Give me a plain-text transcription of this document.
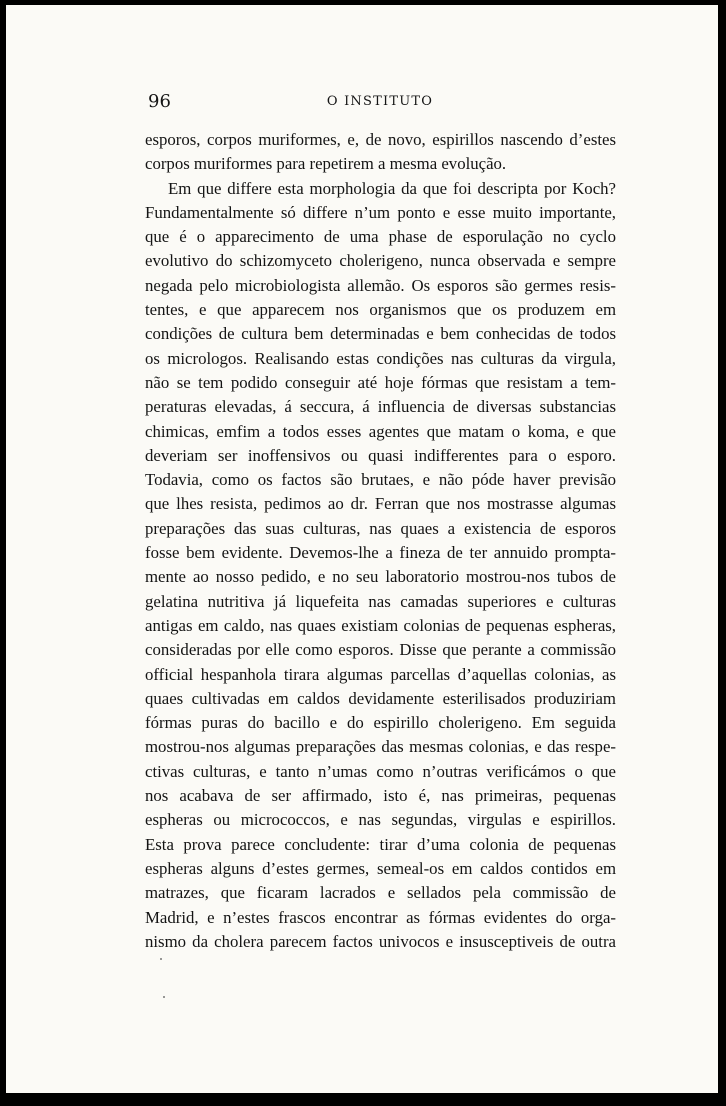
96	O INSTITUTO
esporos, corpos muriformes, e, de novo, espirillos nascendo d’estes
corpos muriformes para repetirem a mesma evolução.
Em que differe esta morphologia da que foi descripta por Koch?
Fundamentalmente só differe n’um ponto e esse muito importante,
que é o apparecimento de uma phase de esporulação no cyclo
evolutivo do schizomyceto cholerigeno, nunca observada e sempre
negada pelo microbiologista allemão. Os esporos são germes resis-
tentes, e que apparecem nos organismos que os produzem em
condições de cultura bem determinadas e bem conhecidas de todos
os micrologos. Realisando estas condições nas culturas da virgula,
não se tem podido conseguir até hoje fórmas que resistam a tem-
peraturas elevadas, á seccura, á influencia de diversas substancias
chimicas, emfim a todos esses agentes que matam o koma, e que
deveriam ser inoffensivos ou quasi indifferentes para o esporo.
Todavia, como os factos são brutaes, e não póde haver previsão
que lhes resista, pedimos ao dr. Ferran que nos mostrasse algumas
preparações das suas culturas, nas quaes a existencia de esporos
fosse bem evidente. Devemos-lhe a fineza de ter annuido prompta-
mente ao nosso pedido, e no seu laboratorio mostrou-nos tubos de
gelatina nutritiva já liquefeita nas camadas superiores e culturas
antigas em caldo, nas quaes existiam colonias de pequenas espheras,
consideradas por elle como esporos. Disse que perante a commissão
official hespanhola tirara algumas parcellas d’aquellas colonias, as
quaes cultivadas em caldos devidamente esterilisados produziriam
fórmas puras do bacillo e do espirillo cholerigeno. Em seguida
mostrou-nos algumas preparações das mesmas colonias, e das respe-
ctivas culturas, e tanto n’umas como n’outras verificámos o que
nos acabava de ser affirmado, isto é, nas primeiras, pequenas
espheras ou micrococcos, e nas segundas, virgulas e espirillos.
Esta prova parece concludente: tirar d’uma colonia de pequenas
espheras alguns d’estes germes, semeal-os em caldos contidos em
matrazes, que ficaram lacrados e sellados pela commissão de
Madrid, e n’estes frascos encontrar as fórmas evidentes do orga-
nismo da cholera parecem factos univocos e insusceptiveis de outra
